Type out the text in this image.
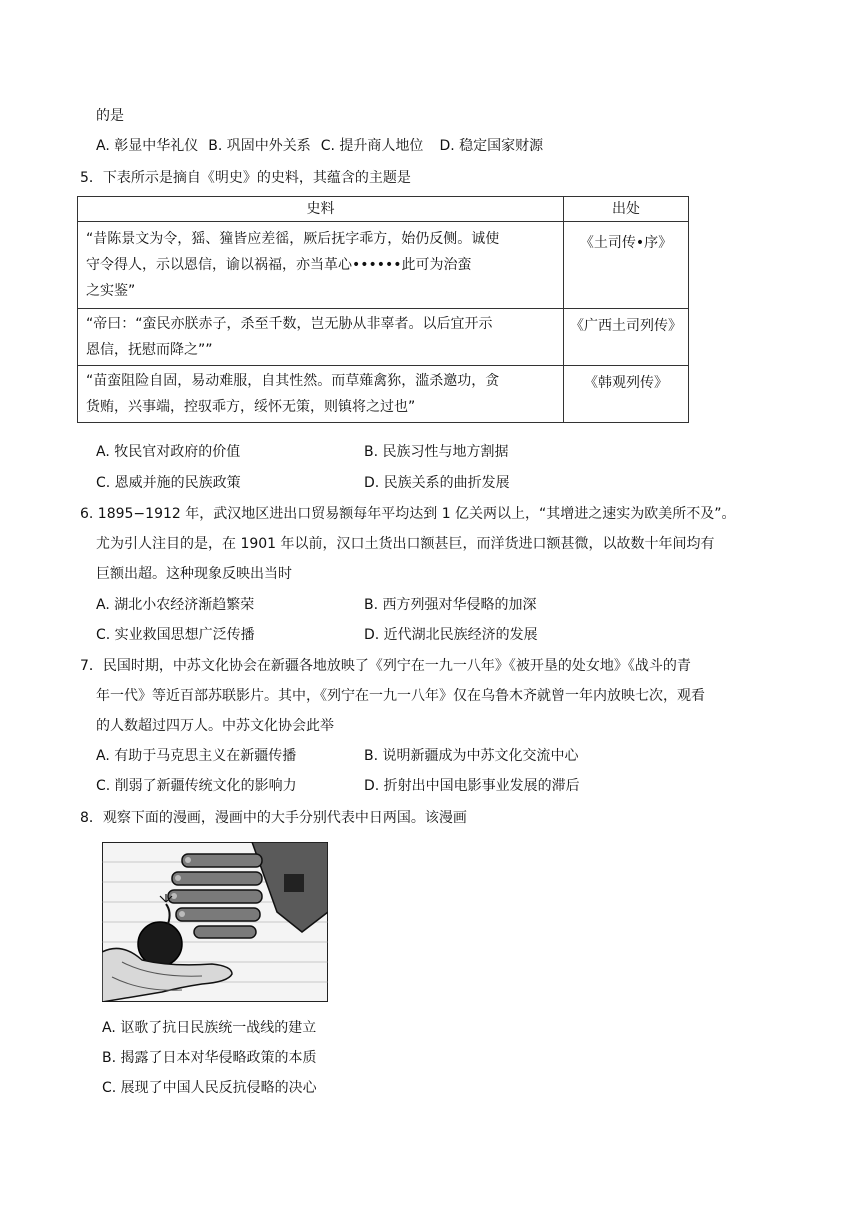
的是
A. 彰显中华礼仪 B. 巩固中外关系 C. 提升商人地位 D. 稳定国家财源
5．下表所示是摘自《明史》的史料，其蕴含的主题是
史料	出处

“昔陈景文为令，猺、獞皆应差徭，厥后抚字乖方，始仍反侧。诚使
守令得人，示以恩信，谕以祸福，亦当革心••••••此可为治蛮
之实鉴”	《土司传•序》

“帝曰：“蛮民亦朕赤子，杀至千数，岂无胁从非辜者。以后宜开示
恩信，抚慰而降之””	《广西土司列传》

“苗蛮阻险自固，易动难服，自其性然。而草薙禽狝，滥杀邀功，贪
货贿，兴事端，控驭乖方，绥怀无策，则镇将之过也”	《韩观列传》
A. 牧民官对政府的价值	B. 民族习性与地方割据
C. 恩威并施的民族政策	D. 民族关系的曲折发展
6. 1895−1912 年，武汉地区进出口贸易额每年平均达到 1 亿关两以上，“其增进之速实为欧美所不及”。
尤为引人注目的是，在 1901 年以前，汉口土货出口额甚巨，而洋货进口额甚微，以故数十年间均有
巨额出超。这种现象反映出当时
A. 湖北小农经济渐趋繁荣	B. 西方列强对华侵略的加深
C. 实业救国思想广泛传播	D. 近代湖北民族经济的发展
7．民国时期，中苏文化协会在新疆各地放映了《列宁在一九一八年》《被开垦的处女地》《战斗的青
年一代》等近百部苏联影片。其中，《列宁在一九一八年》仅在乌鲁木齐就曾一年内放映七次，观看
的人数超过四万人。中苏文化协会此举
A. 有助于马克思主义在新疆传播	B. 说明新疆成为中苏文化交流中心
C. 削弱了新疆传统文化的影响力	D. 折射出中国电影事业发展的滞后
8．观察下面的漫画，漫画中的大手分别代表中日两国。该漫画
A. 讴歌了抗日民族统一战线的建立
B. 揭露了日本对华侵略政策的本质
C. 展现了中国人民反抗侵略的决心
